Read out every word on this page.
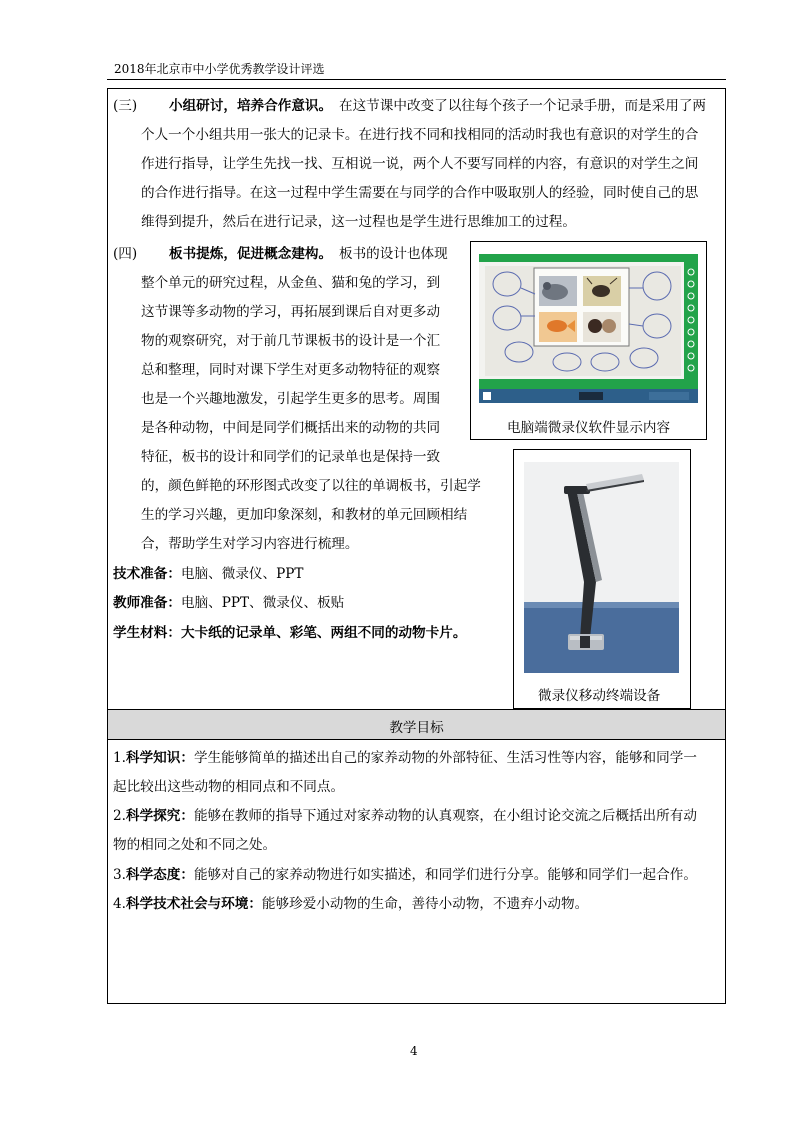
2018年北京市中小学优秀教学设计评选
(三) 小组研讨，培养合作意识。 在这节课中改变了以往每个孩子一个记录手册，而是采用了两
个人一个小组共用一张大的记录卡。在进行找不同和找相同的活动时我也有意识的对学生的合
作进行指导，让学生先找一找、互相说一说，两个人不要写同样的内容，有意识的对学生之间
的合作进行指导。在这一过程中学生需要在与同学的合作中吸取别人的经验，同时使自己的思
维得到提升，然后在进行记录，这一过程也是学生进行思维加工的过程。
(四) 板书提炼，促进概念建构。 板书的设计也体现
整个单元的研究过程，从金鱼、猫和兔的学习，到
这节课等多动物的学习，再拓展到课后自对更多动
物的观察研究，对于前几节课板书的设计是一个汇
总和整理，同时对课下学生对更多动物特征的观察
也是一个兴趣地激发，引起学生更多的思考。周围
是各种动物，中间是同学们概括出来的动物的共同
特征，板书的设计和同学们的记录单也是保持一致
的，颜色鲜艳的环形图式改变了以往的单调板书，引起学
生的学习兴趣，更加印象深刻，和教材的单元回顾相结
合，帮助学生对学习内容进行梳理。
技术准备：电脑、微录仪、PPT
教师准备：电脑、PPT、微录仪、板贴
学生材料：大卡纸的记录单、彩笔、两组不同的动物卡片。
电脑端微录仪软件显示内容
微录仪移动终端设备
教学目标
1.科学知识：学生能够简单的描述出自己的家养动物的外部特征、生活习性等内容，能够和同学一
起比较出这些动物的相同点和不同点。
2.科学探究：能够在教师的指导下通过对家养动物的认真观察，在小组讨论交流之后概括出所有动
物的相同之处和不同之处。
3.科学态度：能够对自己的家养动物进行如实描述，和同学们进行分享。能够和同学们一起合作。
4.科学技术社会与环境：能够珍爱小动物的生命，善待小动物，不遗弃小动物。
4
